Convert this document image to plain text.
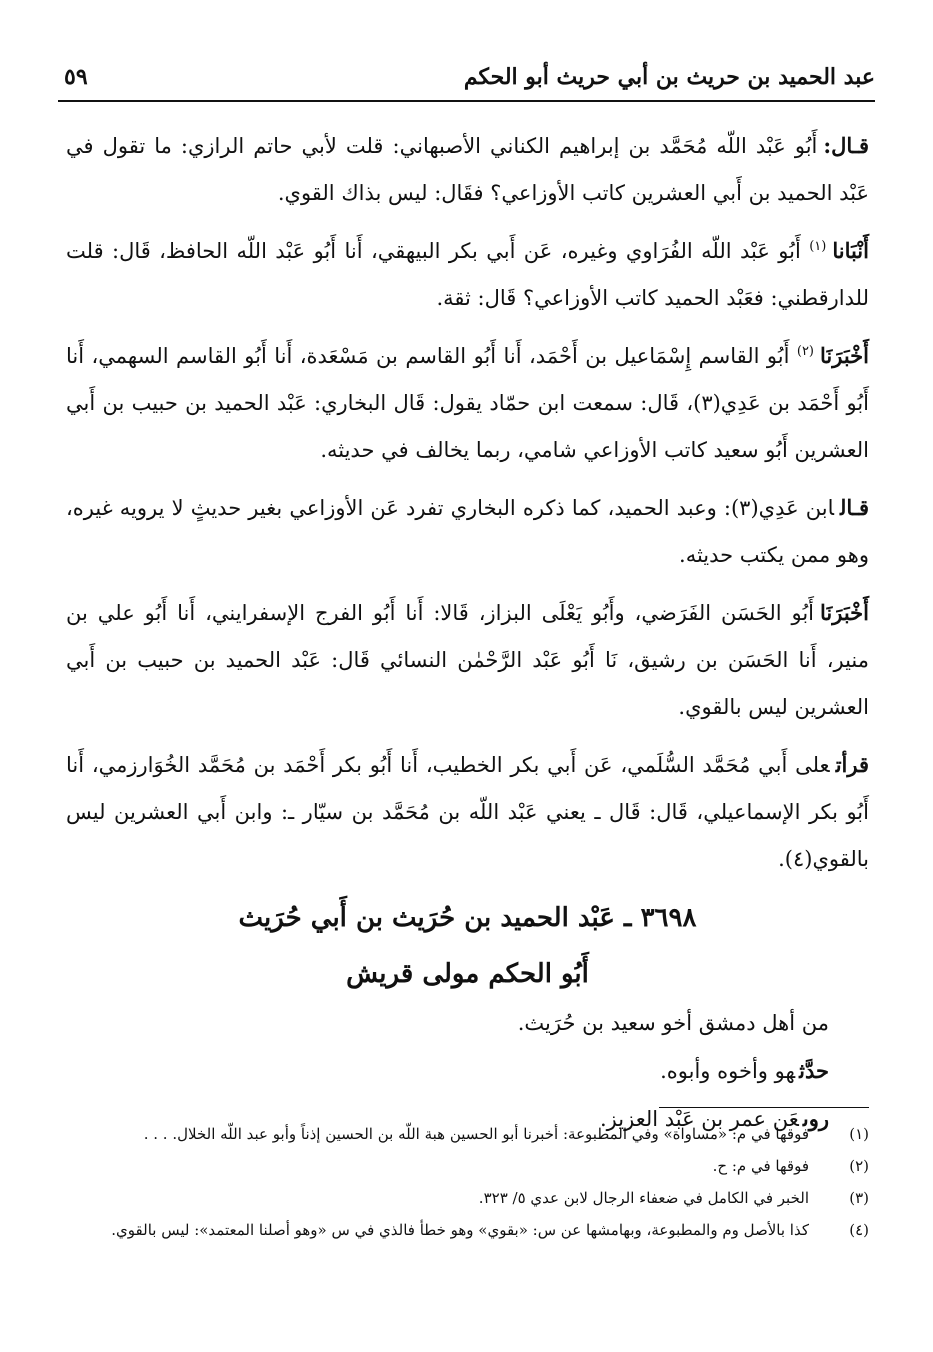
عبد الحميد بن حريث بن أبي حريث أبو الحكم
٥٩

قـال:أَبُو عَبْد اللّه مُحَمَّد بن إبراهيم الكناني الأصبهاني: قلت لأبي حاتم الرازي: ما تقول في عَبْد الحميد بن أَبي العشرين كاتب الأوزاعي؟ فقَال: ليس بذاك القوي.

أَنْبَانا$^{(١)}$ أَبُو عَبْد اللّه الفُرَاوي وغيره، عَن أَبي بكر البيهقي، أَنا أَبُو عَبْد اللّه الحافظ، قَال: قلت للدارقطني: فعَبْد الحميد كاتب الأوزاعي؟ قَال: ثقة.

أَخْبَرَنَا$^{(٢)}$ أَبُو القاسم إِسْمَاعيل بن أَحْمَد، أَنا أَبُو القاسم بن مَسْعَدة، أَنا أَبُو القاسم السهمي، أَنا أَبُو أَحْمَد بن عَدِي(٣)، قَال: سمعت ابن حمّاد يقول: قَال البخاري: عَبْد الحميد بن حبيب بن أَبي العشرين أَبُو سعيد كاتب الأوزاعي شامي، ربما يخالف في حديثه.

قـالابن عَدِي(٣): وعبد الحميد، كما ذكره البخاري تفرد عَن الأوزاعي بغير حديثٍ لا يرويه غيره، وهو ممن يكتب حديثه.

أَخْبَرَنَاأَبُو الحَسَن الفَرَضي، وأَبُو يَعْلَى البزاز، قَالا: أَنا أَبُو الفرج الإسفرايني، أَنا أَبُو علي بن منير، أَنا الحَسَن بن رشيق، نَا أَبُو عَبْد الرَّحْمٰن النسائي قَال: عَبْد الحميد بن حبيب بن أَبي العشرين ليس بالقوي.

قرأتعلى أَبي مُحَمَّد السُّلَمي، عَن أَبي بكر الخطيب، أَنا أَبُو بكر أَحْمَد بن مُحَمَّد الخُوَارزمي، أَنا أَبُو بكر الإسماعيلي، قَال: قَال ـ يعني عَبْد اللّه بن مُحَمَّد بن سيّار ـ: وابن أَبي العشرين ليس بالقوي(٤).

٣٦٩٨ ـ عَبْد الحميد بن حُرَيث بن أَبي حُرَيث
أَبُو الحكم مولى قريش

من أهل دمشق أخو سعيد بن حُرَيث.

حدَّثهو وأخوه وأبوه.

روىعَن عمر بن عَبْد العزيز.

(١)
فوقها في م: «مساواة» وفي المطبوعة: أخبرنا أبو الحسين هبة اللّه بن الحسين إذناً وأبو عبد اللّه الخلال. . . .
(٢)
فوقها في م: ح.
(٣)
الخبر في الكامل في ضعفاء الرجال لابن عدي ٥/ ٣٢٣.
(٤)
كذا بالأصل وم والمطبوعة، وبهامشها عن س: «بقوي» وهو خطأ فالذي في س «وهو أصلنا المعتمد»: ليس بالقوي.
